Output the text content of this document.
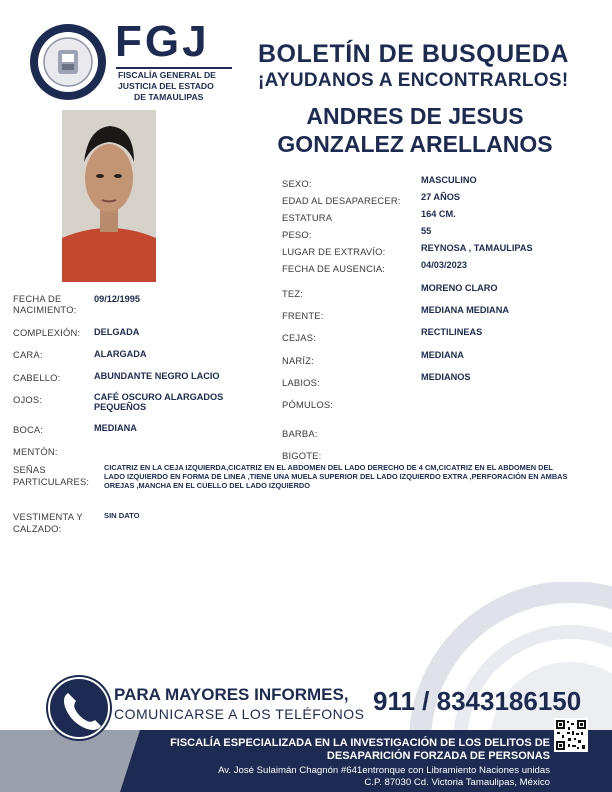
FGJ
FISCALÍA GENERAL DE
JUSTICIA DEL ESTADO
DE TAMAULIPAS
BOLETÍN DE BUSQUEDA
¡AYUDANOS A ENCONTRARLOS!
ANDRES DE JESUS
GONZALEZ ARELLANOS
SEXO:	MASCULINO
EDAD AL DESAPARECER: 27 AÑOS
ESTATURA	164 CM.
PESO:	55
LUGAR DE EXTRAVÍO:	REYNOSA , TAMAULIPAS
FECHA DE AUSENCIA:	04/03/2023
TEZ:	MORENO CLARO
FRENTE:	MEDIANA MEDIANA
CEJAS:	RECTILINEAS
NARÍZ:	MEDIANA
LABIOS:	MEDIANOS
PÓMULOS:
BARBA:
BIGOTE:
FECHA DE NACIMIENTO:
09/12/1995
COMPLEXIÓN: DELGADA
CARA:	ALARGADA
CABELLO:	ABUNDANTE NEGRO LACIO
OJOS:	CAFÉ OSCURO ALARGADOS PEQUEÑOS
BOCA:	MEDIANA
MENTÓN:
SEÑAS PARTICULARES:
CICATRIZ EN LA CEJA IZQUIERDA,CICATRIZ EN EL ABDOMEN DEL LADO DERECHO DE 4 CM,CICATRIZ EN EL ABDOMEN DEL LADO IZQUIERDO EN FORMA DE LINEA ,TIENE UNA MUELA SUPERIOR DEL LADO IZQUIERDO EXTRA ,PERFORACIÓN EN AMBAS OREJAS ,MANCHA EN EL CUELLO DEL LADO IZQUIERDO
VESTIMENTA Y CALZADO:
SIN DATO
PARA MAYORES INFORMES,
COMUNICARSE A LOS TELÉFONOS 911 / 8343186150
FISCALÍA ESPECIALIZADA EN LA INVESTIGACIÓN DE LOS DELITOS DE
DESAPARICIÓN FORZADA DE PERSONAS
Av. José Sulaimán Chagnón #641entronque con Libramiento Naciones unidas
C.P. 87030 Cd. Victoria Tamaulipas, México
